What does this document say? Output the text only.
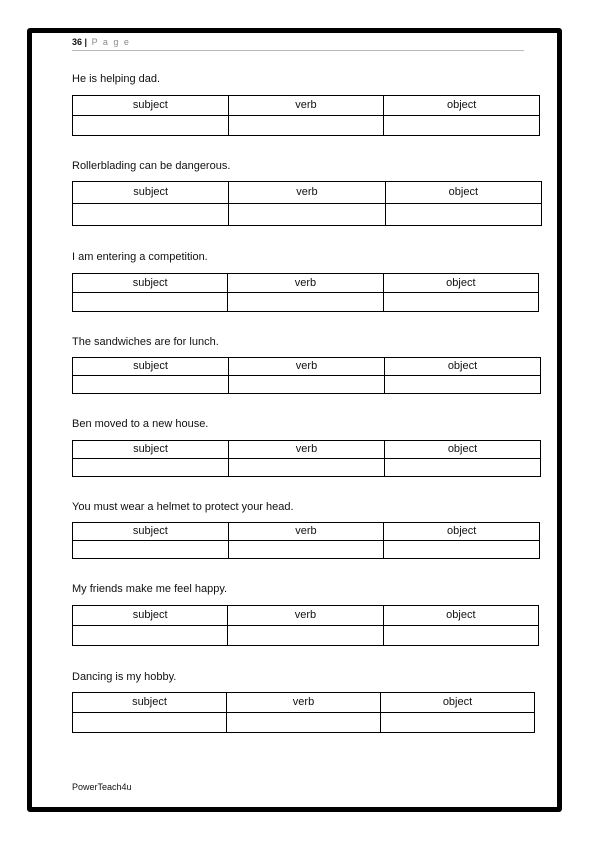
36 | P a g e
He is helping dad.
subject	verb	object

Rollerblading can be dangerous.
subject	verb	object

I am entering a competition.
subject	verb	object

The sandwiches are for lunch.
subject	verb	object

Ben moved to a new house.
subject	verb	object

You must wear a helmet to protect your head.
subject	verb	object

My friends make me feel happy.
subject	verb	object

Dancing is my hobby.
subject	verb	object

PowerTeach4u
